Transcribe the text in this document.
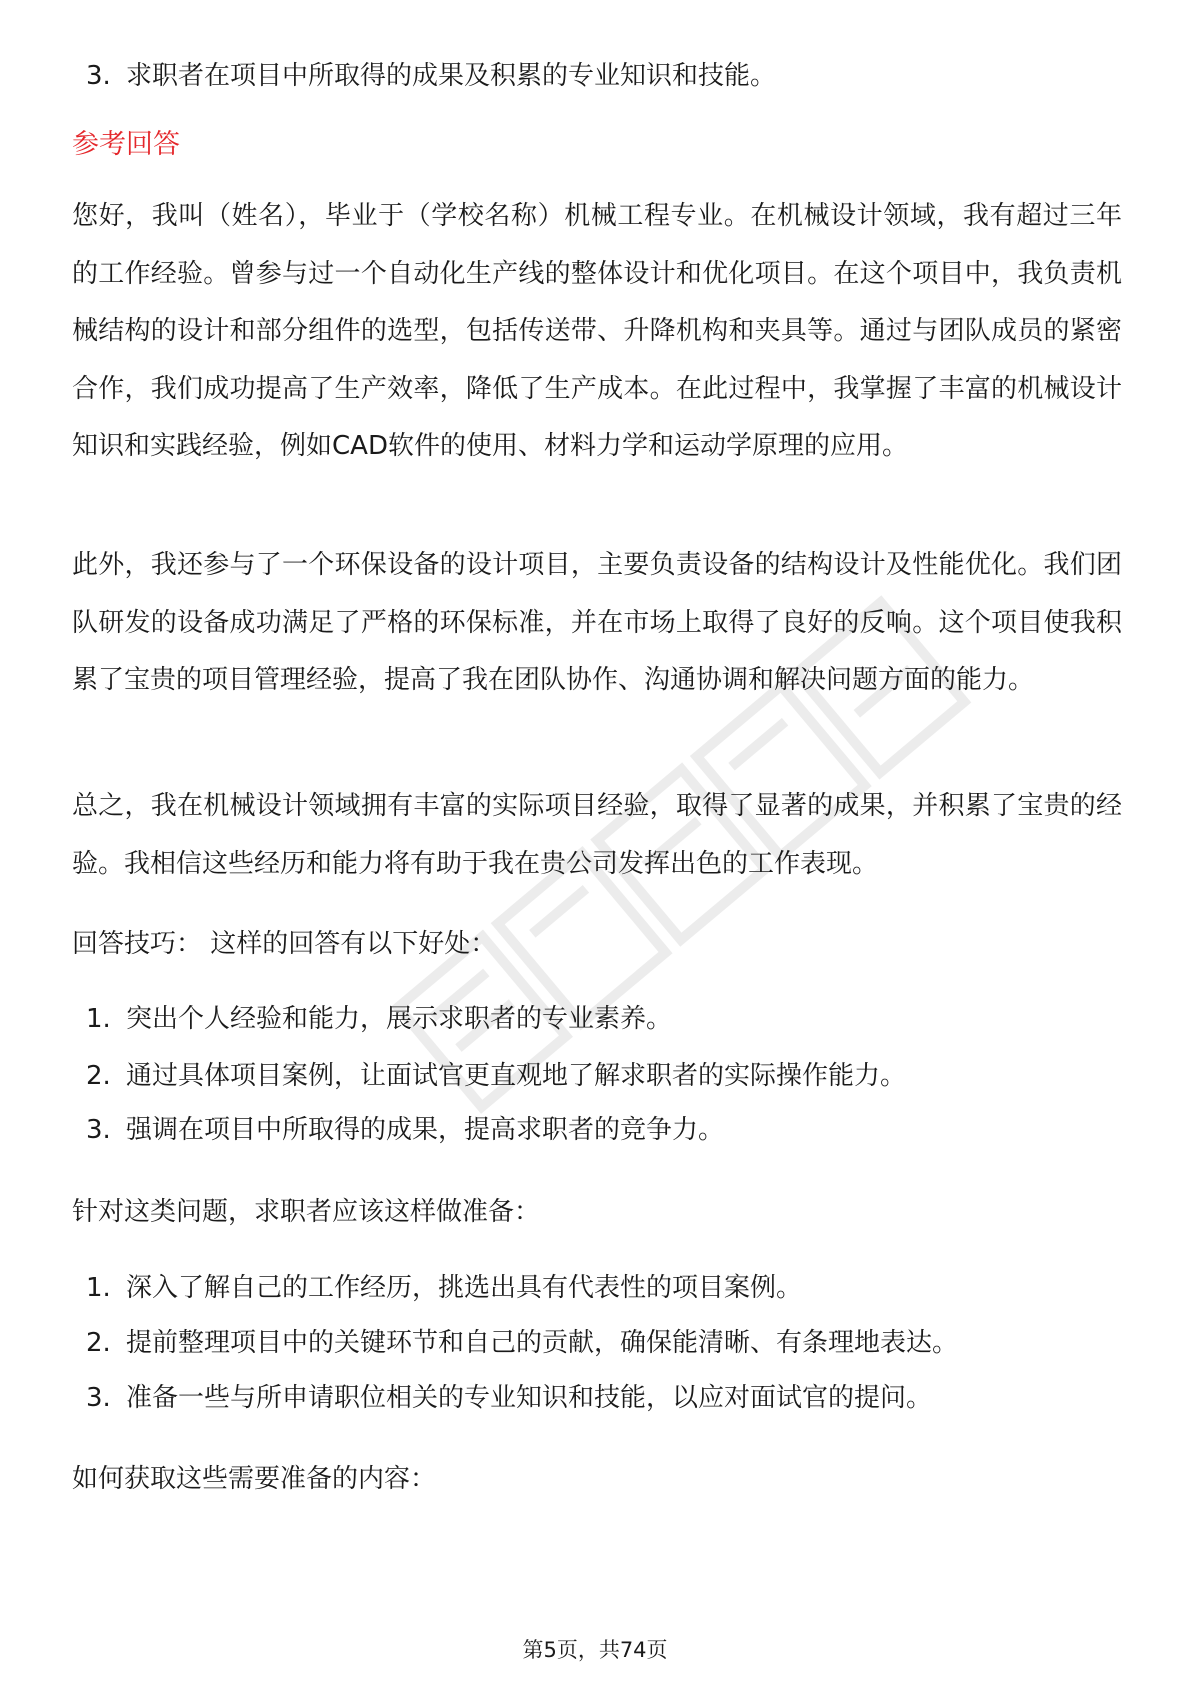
3. 求职者在项目中所取得的成果及积累的专业知识和技能。
参考回答

您好，我叫（姓名），毕业于（学校名称）机械工程专业。在机械设计领域，我有超过三年的工作经验。曾参与过一个自动化生产线的整体设计和优化项目。在这个项目中，我负责机械结构的设计和部分组件的选型，包括传送带、升降机构和夹具等。通过与团队成员的紧密合作，我们成功提高了生产效率，降低了生产成本。在此过程中，我掌握了丰富的机械设计知识和实践经验，例如CAD软件的使用、材料力学和运动学原理的应用。

此外，我还参与了一个环保设备的设计项目，主要负责设备的结构设计及性能优化。我们团队研发的设备成功满足了严格的环保标准，并在市场上取得了良好的反响。这个项目使我积累了宝贵的项目管理经验，提高了我在团队协作、沟通协调和解决问题方面的能力。

总之，我在机械设计领域拥有丰富的实际项目经验，取得了显著的成果，并积累了宝贵的经验。我相信这些经历和能力将有助于我在贵公司发挥出色的工作表现。

回答技巧： 这样的回答有以下好处：
1. 突出个人经验和能力，展示求职者的专业素养。
2. 通过具体项目案例，让面试官更直观地了解求职者的实际操作能力。
3. 强调在项目中所取得的成果，提高求职者的竞争力。
针对这类问题，求职者应该这样做准备：
1. 深入了解自己的工作经历，挑选出具有代表性的项目案例。
2. 提前整理项目中的关键环节和自己的贡献，确保能清晰、有条理地表达。
3. 准备一些与所申请职位相关的专业知识和技能，以应对面试官的提问。
如何获取这些需要准备的内容：
第5页，共74页
